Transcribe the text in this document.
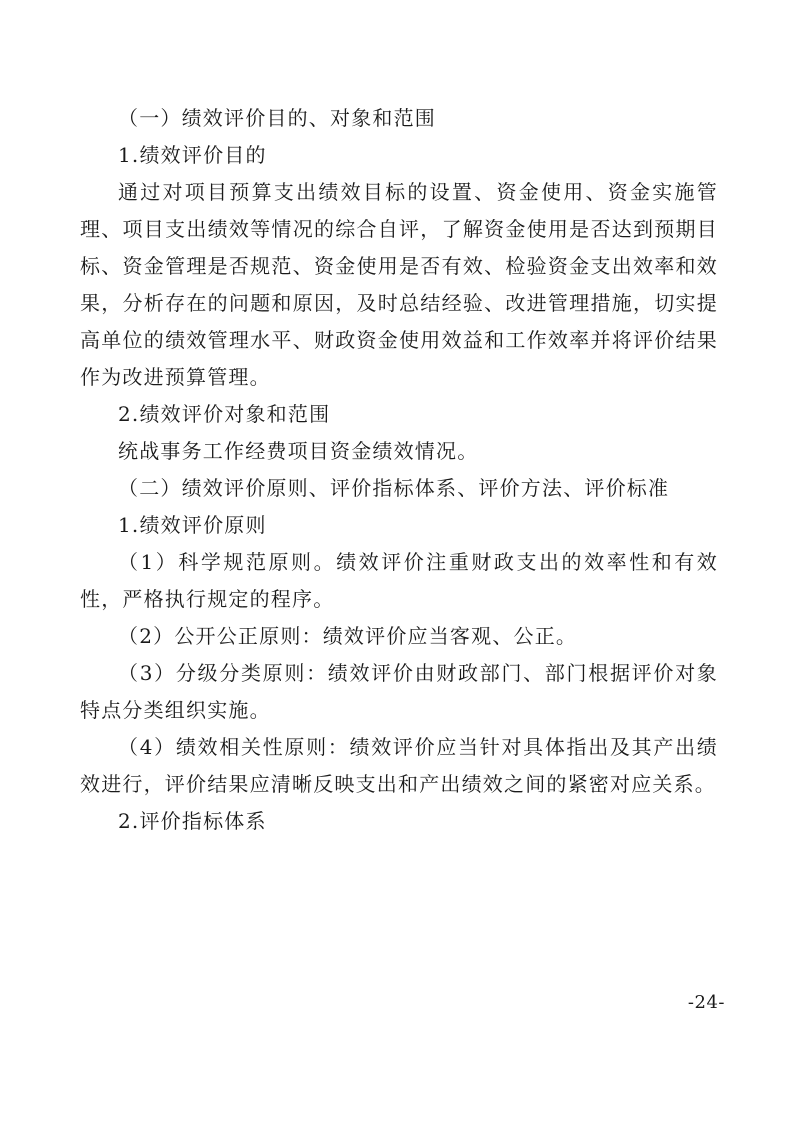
（一）绩效评价目的、对象和范围

1.绩效评价目的

通过对项目预算支出绩效目标的设置、资金使用、资金实施管理、项目支出绩效等情况的综合自评，了解资金使用是否达到预期目标、资金管理是否规范、资金使用是否有效、检验资金支出效率和效果，分析存在的问题和原因，及时总结经验、改进管理措施，切实提高单位的绩效管理水平、财政资金使用效益和工作效率并将评价结果作为改进预算管理。

2.绩效评价对象和范围

统战事务工作经费项目资金绩效情况。

（二）绩效评价原则、评价指标体系、评价方法、评价标准

1.绩效评价原则

（1）科学规范原则。绩效评价注重财政支出的效率性和有效性，严格执行规定的程序。

（2）公开公正原则：绩效评价应当客观、公正。

（3）分级分类原则：绩效评价由财政部门、部门根据评价对象特点分类组织实施。

（4）绩效相关性原则：绩效评价应当针对具体指出及其产出绩效进行，评价结果应清晰反映支出和产出绩效之间的紧密对应关系。

2.评价指标体系

-24-
